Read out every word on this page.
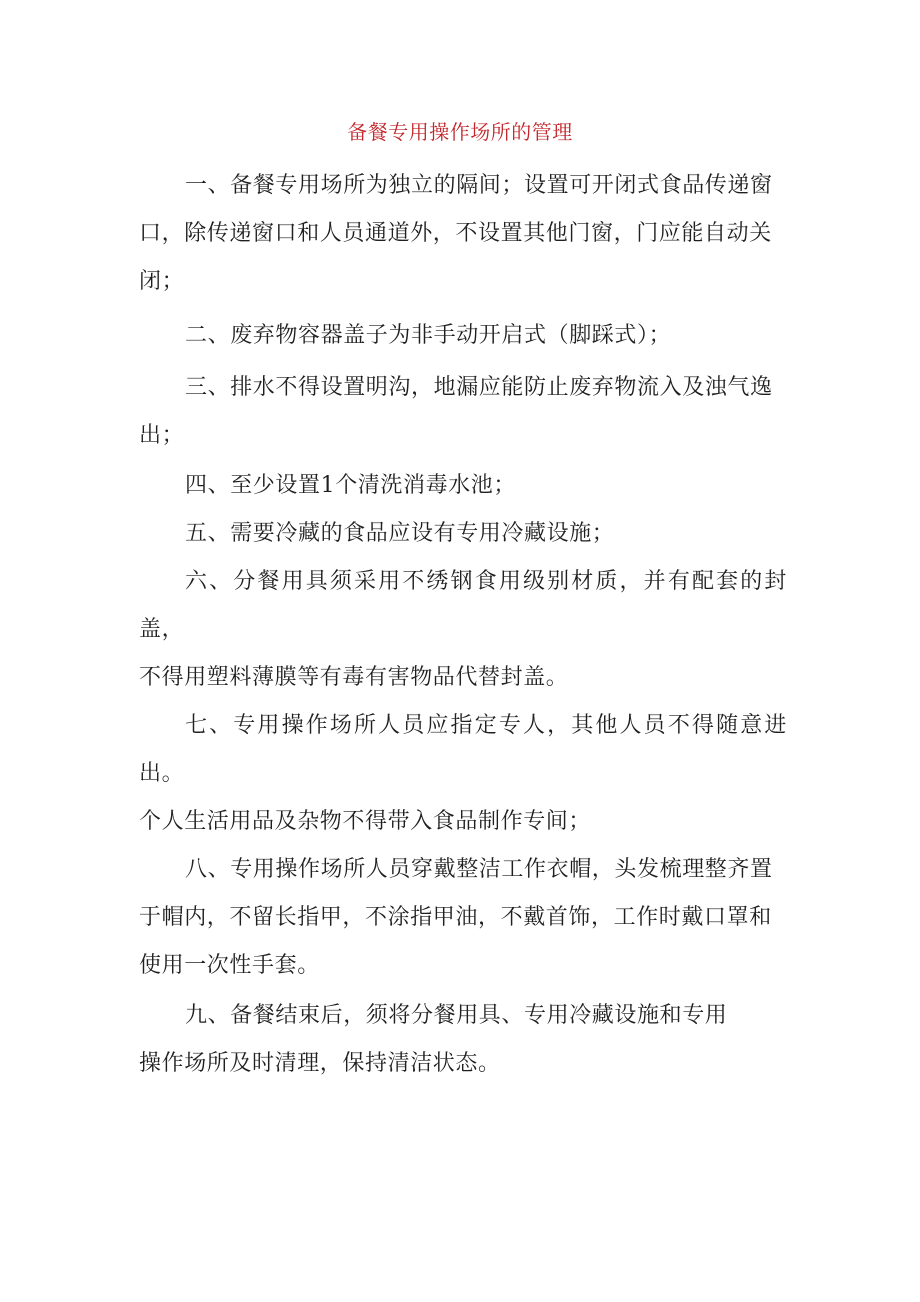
备餐专用操作场所的管理

一、备餐专用场所为独立的隔间；设置可开闭式食品传递窗
口，除传递窗口和人员通道外，不设置其他门窗，门应能自动关
闭；

二、废弃物容器盖子为非手动开启式（脚踩式）；

三、排水不得设置明沟，地漏应能防止废弃物流入及浊气逸
出；

四、至少设置1个清洗消毒水池；

五、需要冷藏的食品应设有专用冷藏设施；

六、分餐用具须采用不绣钢食用级别材质，并有配套的封盖，
不得用塑料薄膜等有毒有害物品代替封盖。

七、专用操作场所人员应指定专人，其他人员不得随意进出。
个人生活用品及杂物不得带入食品制作专间；

八、专用操作场所人员穿戴整洁工作衣帽，头发梳理整齐置
于帽内，不留长指甲，不涂指甲油，不戴首饰，工作时戴口罩和
使用一次性手套。

九、备餐结束后，须将分餐用具、专用冷藏设施和专用
操作场所及时清理，保持清洁状态。
